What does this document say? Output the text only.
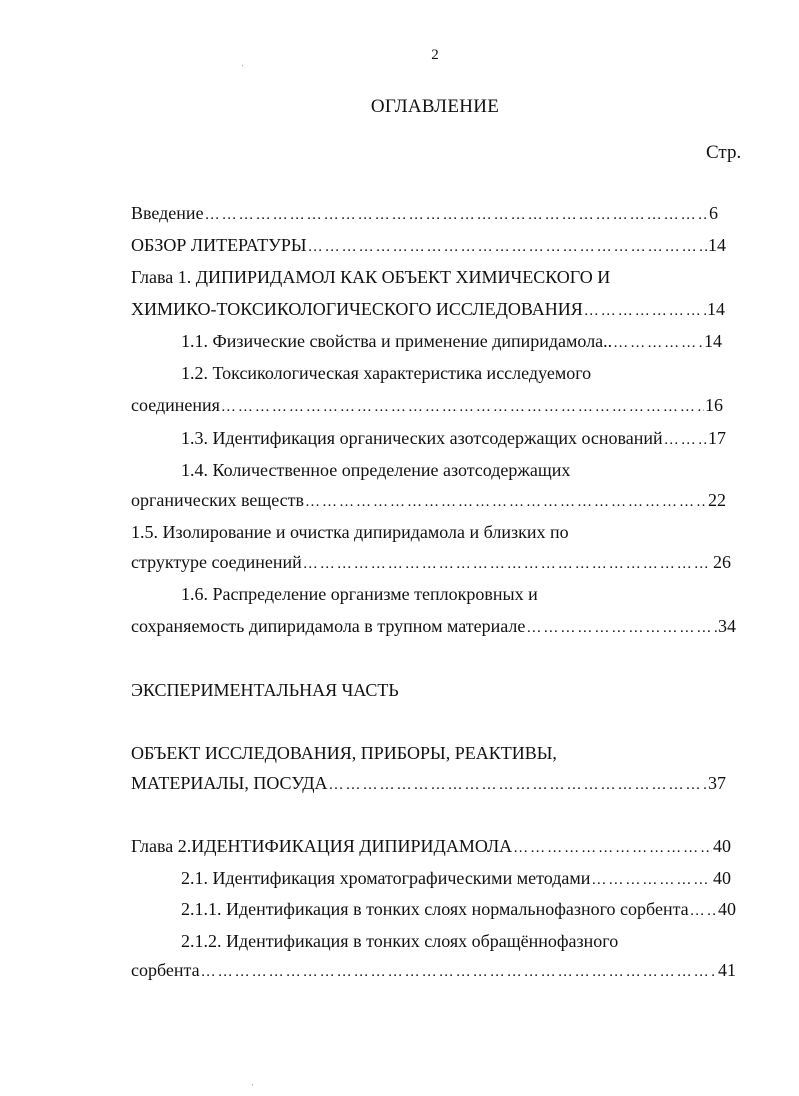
2
ОГЛАВЛЕНИЕ
Стр.
Введение ……………………………………………………………………………………………………………………………	6
ОБЗОР ЛИТЕРАТУРЫ ……………………………………………………………………………………………………………………………	14
Глава 1. ДИПИРИДАМОЛ КАК ОБЪЕКТ ХИМИЧЕСКОГО И
ХИМИКО-ТОКСИКОЛОГИЧЕСКОГО ИССЛЕДОВАНИЯ ……………………………………………………………………………………………………………………………	14
1.1. Физические свойства и применение дипиридамола.. ……………………………………………………………………………………………………………………………	14
1.2. Токсикологическая характеристика исследуемого
соединения ……………………………………………………………………………………………………………………………	16
1.3. Идентификация органических азотсодержащих оснований ……………………………………………………………………………………………………………………………	17
1.4. Количественное определение азотсодержащих
органических веществ ……………………………………………………………………………………………………………………………	22
1.5. Изолирование и очистка дипиридамола и близких по
структуре соединений ……………………………………………………………………………………………………………………………	26
1.6. Распределение организме теплокровных и
сохраняемость дипиридамола в трупном материале ……………………………………………………………………………………………………………………………	34
ЭКСПЕРИМЕНТАЛЬНАЯ ЧАСТЬ
ОБЪЕКТ ИССЛЕДОВАНИЯ, ПРИБОРЫ, РЕАКТИВЫ,
МАТЕРИАЛЫ, ПОСУДА ……………………………………………………………………………………………………………………………	37
Глава 2.ИДЕНТИФИКАЦИЯ ДИПИРИДАМОЛА ……………………………………………………………………………………………………………………………	40
2.1. Идентификация хроматографическими методами ……………………………………………………………………………………………………………………………	40
2.1.1. Идентификация в тонких слоях нормальнофазного сорбента …………………………………………………………………………………………………………………………… 40
2.1.2. Идентификация в тонких слоях обращённофазного
сорбента ……………………………………………………………………………………………………………………………	41
ˌ
ˌ
